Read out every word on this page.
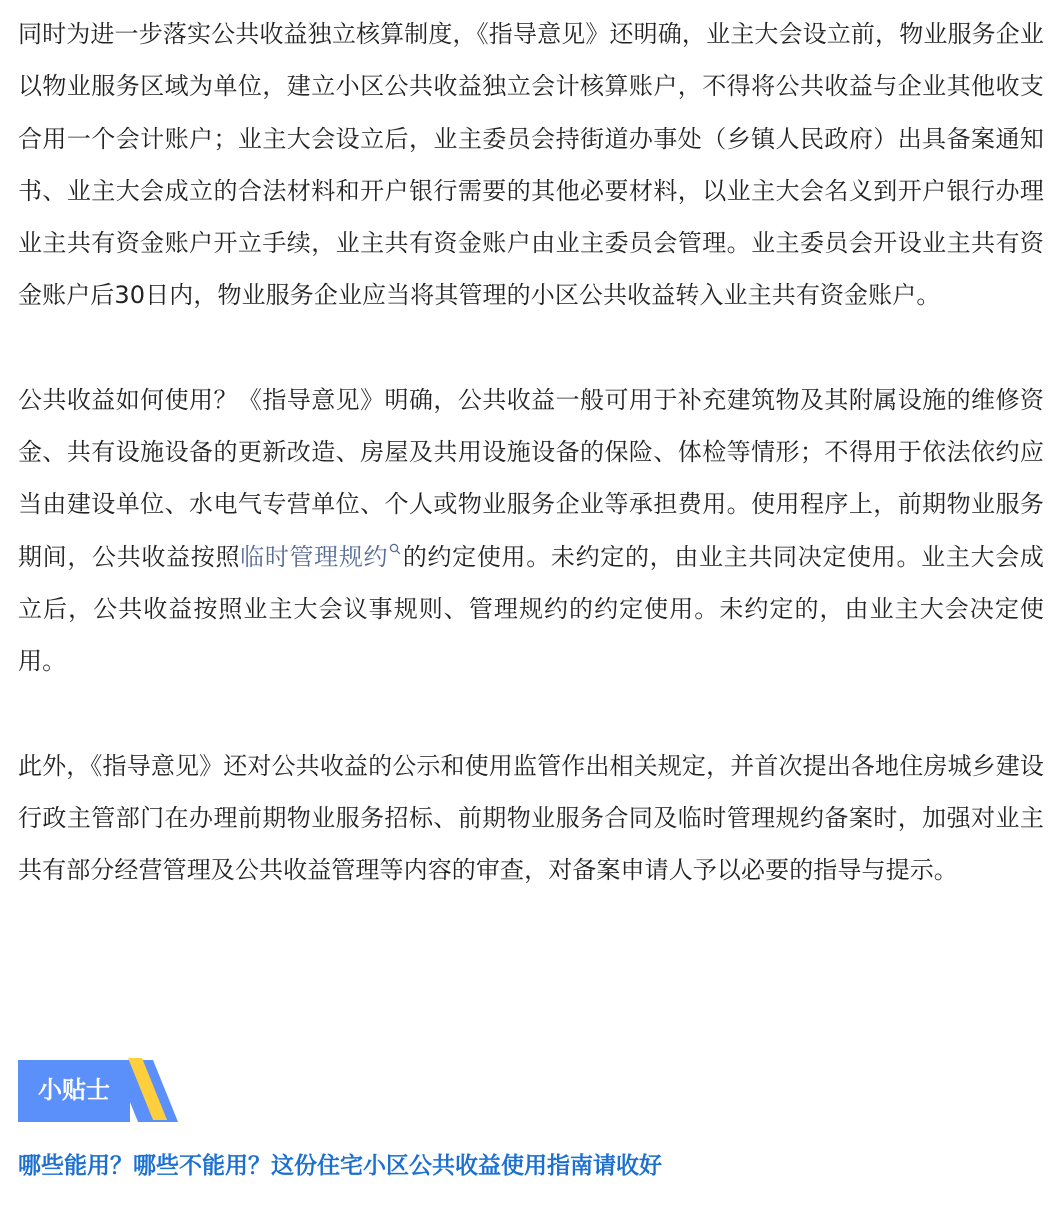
同时为进一步落实公共收益独立核算制度，《指导意见》还明确，业主大会设立前，物业服务企业以物业服务区域为单位，建立小区公共收益独立会计核算账户，不得将公共收益与企业其他收支合用一个会计账户；业主大会设立后，业主委员会持街道办事处（乡镇人民政府）出具备案通知书、业主大会成立的合法材料和开户银行需要的其他必要材料，以业主大会名义到开户银行办理业主共有资金账户开立手续，业主共有资金账户由业主委员会管理。业主委员会开设业主共有资金账户后30日内，物业服务企业应当将其管理的小区公共收益转入业主共有资金账户。

公共收益如何使用？《指导意见》明确，公共收益一般可用于补充建筑物及其附属设施的维修资金、共有设施设备的更新改造、房屋及共用设施设备的保险、体检等情形；不得用于依法依约应当由建设单位、水电气专营单位、个人或物业服务企业等承担费用。使用程序上，前期物业服务期间，公共收益按照临时管理规约 的约定使用。未约定的，由业主共同决定使用。业主大会成立后，公共收益按照业主大会议事规则、管理规约的约定使用。未约定的，由业主大会决定使用。

此外，《指导意见》还对公共收益的公示和使用监管作出相关规定，并首次提出各地住房城乡建设行政主管部门在办理前期物业服务招标、前期物业服务合同及临时管理规约备案时，加强对业主共有部分经营管理及公共收益管理等内容的审查，对备案申请人予以必要的指导与提示。

小贴士
哪些能用？哪些不能用？这份住宅小区公共收益使用指南请收好
